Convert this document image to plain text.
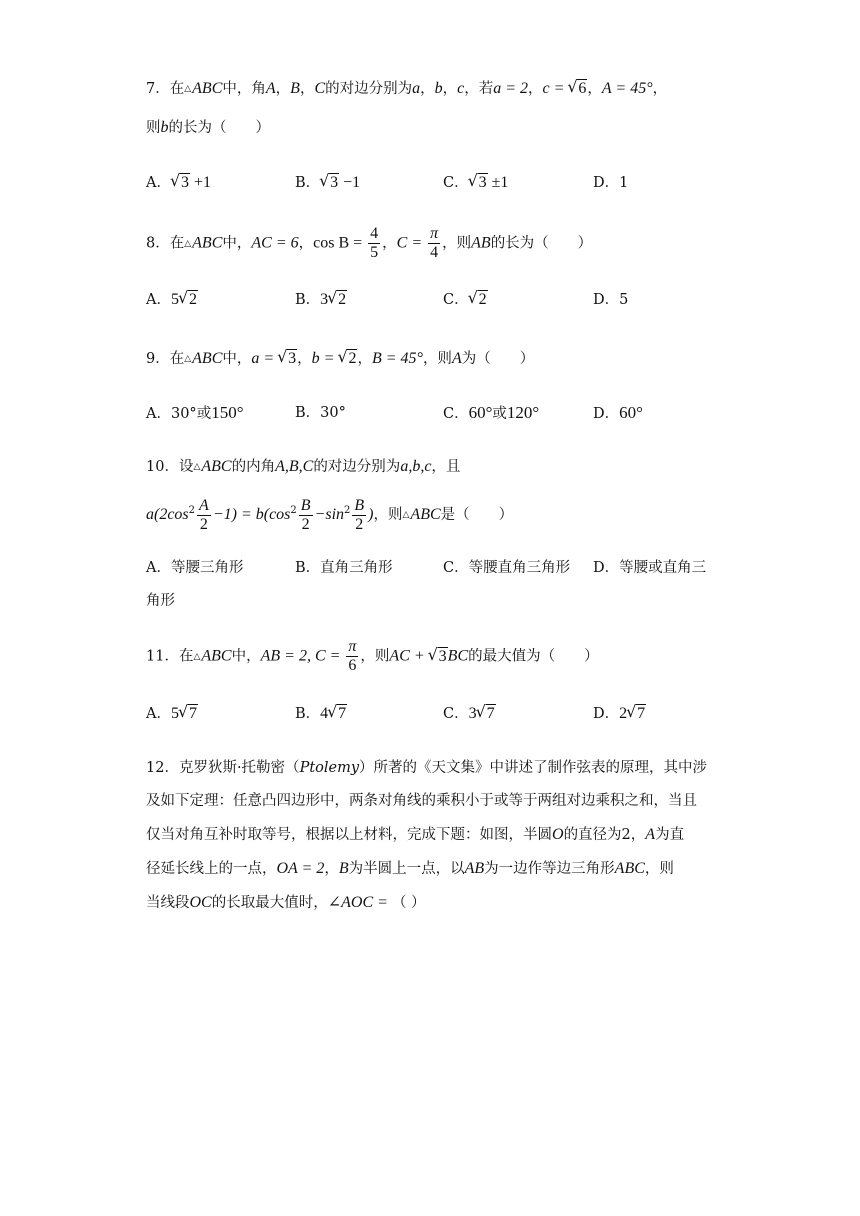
7．在△ABC中，角A，B，C的对边分别为a，b，c，若a = 2，c = √ 6，A = 45°，
则b的长为（　　）
A． √ 3 +1	B． √ 3 −1	C． √ 3 ±1	D．1
8．在△ABC中，AC = 6，$\cos B = \frac{4}{5}$ ，$C = \frac{\pi}{4}$ ，则AB的长为（　　）
A．5 √ 2	B．3 √ 2	C． √ 2	D．5
9．在△ABC中，a = √ 3，b = √ 2，B = 45°，则A为（　　）
A．30°或150°	B．30°	C．60°或120°	D．60°
10．设△ABC的内角A,B,C的对边分别为a,b,c，且
$a(2\cos^2 \frac{A}{2} -1) = b(\cos^2 \frac{B}{2} -\sin^2 \frac{B}{2}$ )，则△ABC是（　　）
A．等腰三角形	B．直角三角形	C．等腰直角三角形 D．等腰或直角三
角形
11．在△ABC中，AB = 2, $C = \frac{\pi}{6}$ ，则AC + √ 3BC的最大值为（　　）
A．5 √ 7	B．4 √ 7	C．3 √ 7	D．2 √ 7
12．克罗狄斯·托勒密（Ptolemy）所著的《天文集》中讲述了制作弦表的原理，其中涉
及如下定理：任意凸四边形中，两条对角线的乘积小于或等于两组对边乘积之和，当且
仅当对角互补时取等号，根据以上材料，完成下题：如图，半圆O的直径为2，A为直
径延长线上的一点，OA = 2，B为半圆上一点，以AB为一边作等边三角形ABC，则
当线段OC的长取最大值时，∠AOC = （ ）
